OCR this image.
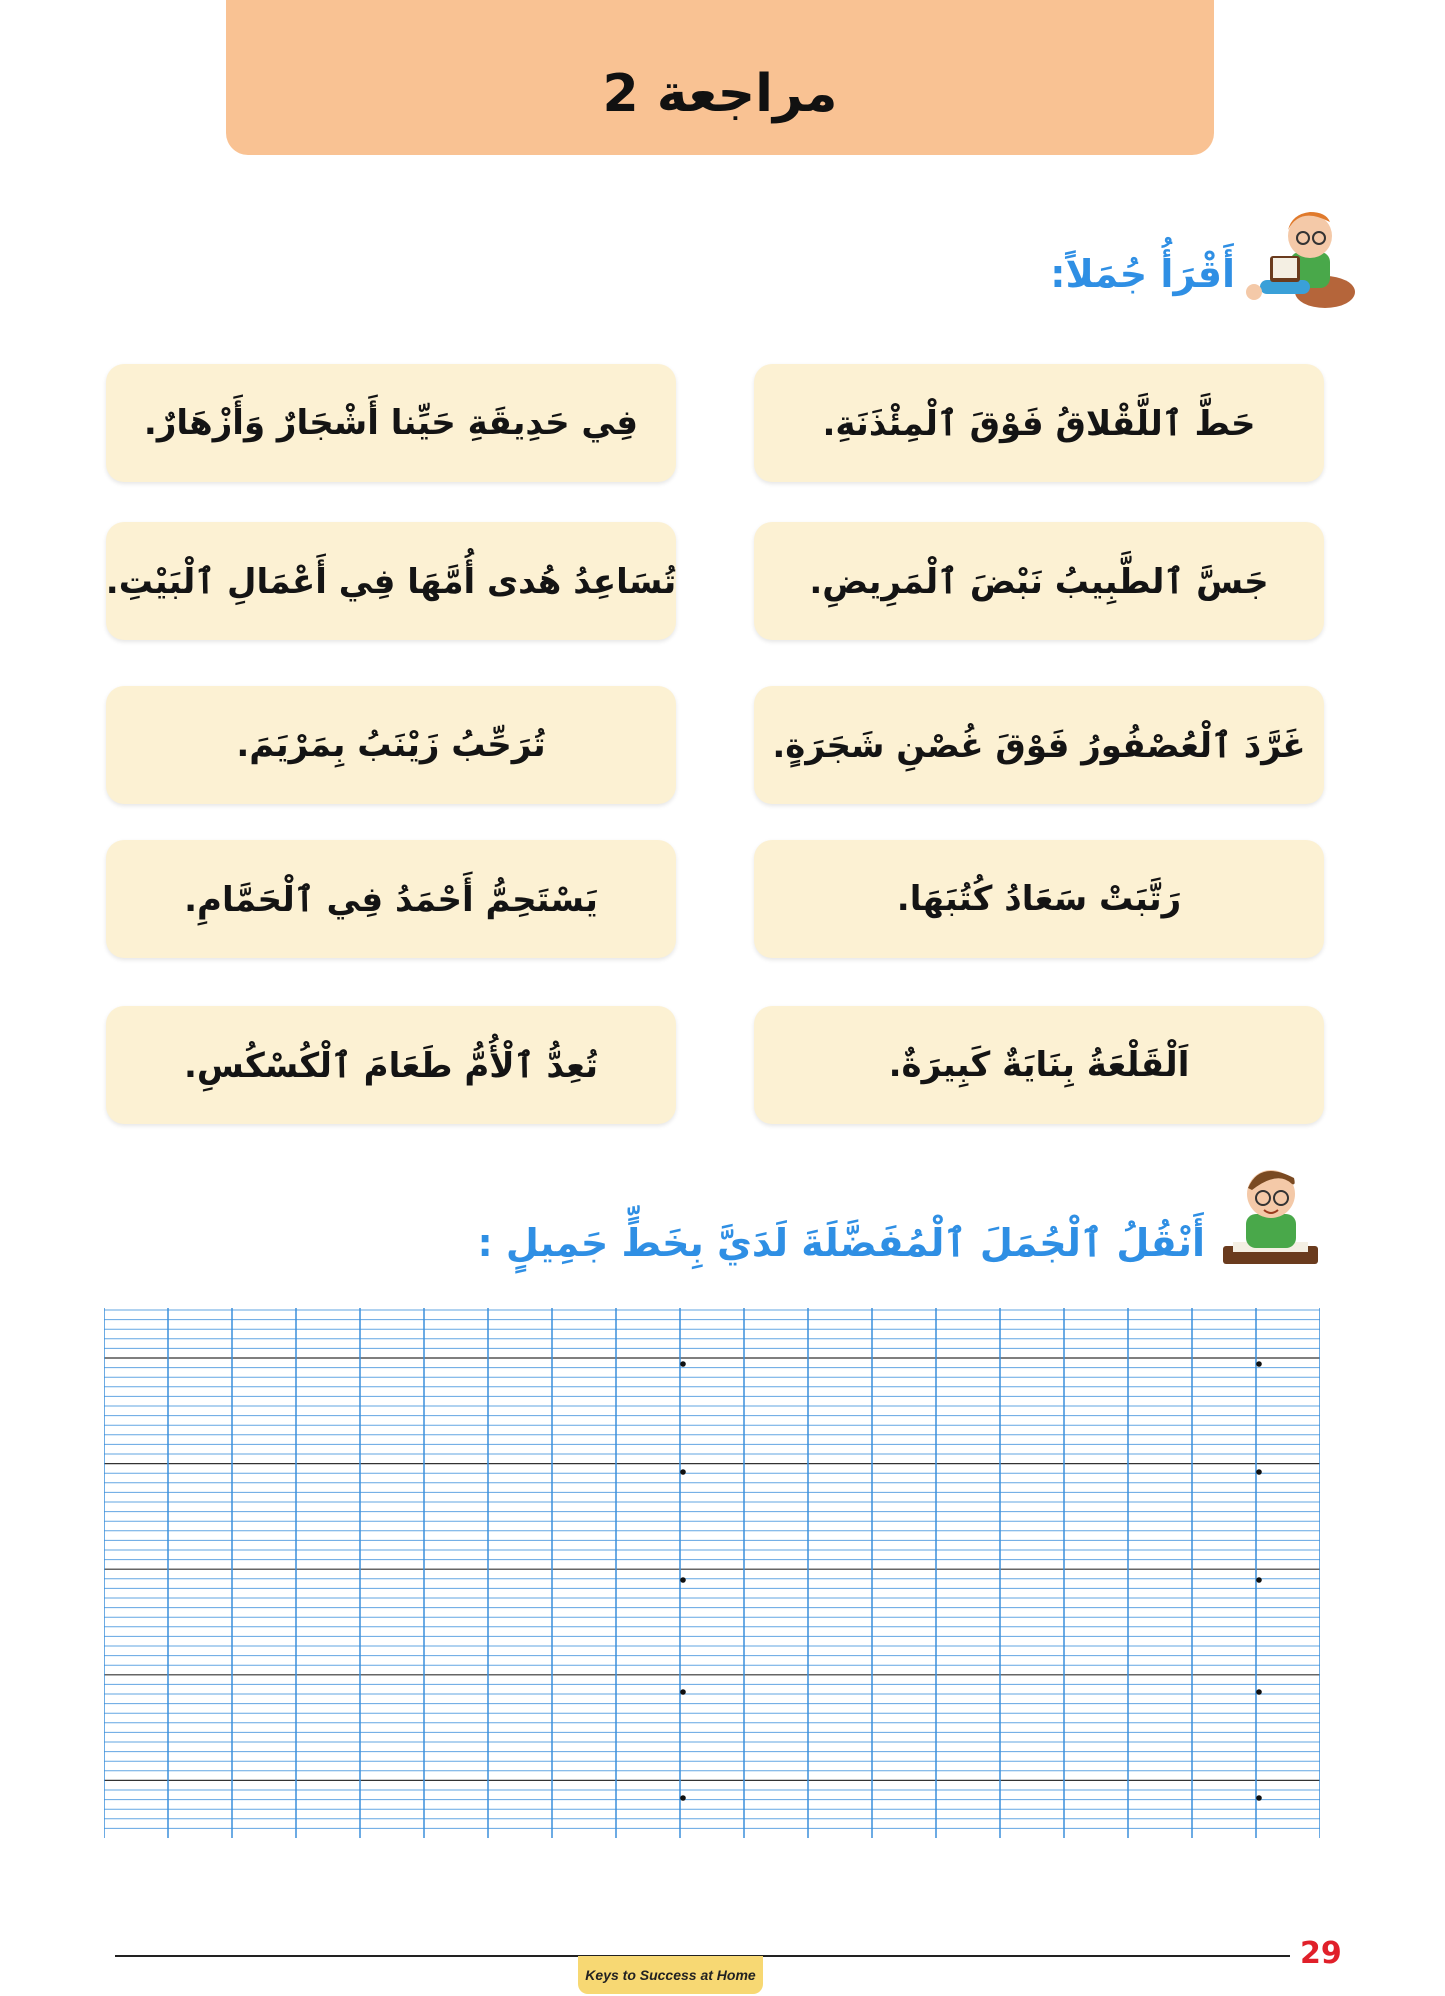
مراجعة 2
أَقْرَأُ جُمَلاً:
حَطَّ ٱللَّقْلاقُ فَوْقَ ٱلْمِئْذَنَةِ.
فِي حَدِيقَةِ حَيِّنا أَشْجَارٌ وَأَزْهَارٌ.
جَسَّ ٱلطَّبِيبُ نَبْضَ ٱلْمَرِيضِ.
تُسَاعِدُ هُدى أُمَّهَا فِي أَعْمَالِ ٱلْبَيْتِ.
غَرَّدَ ٱلْعُصْفُورُ فَوْقَ غُصْنِ شَجَرَةٍ.
تُرَحِّبُ زَيْنَبُ بِمَرْيَمَ.
رَتَّبَتْ سَعَادُ كُتُبَهَا.
يَسْتَحِمُّ أَحْمَدُ فِي ٱلْحَمَّامِ.
اَلْقَلْعَةُ بِنَايَةٌ كَبِيرَةٌ.
تُعِدُّ ٱلْأُمُّ طَعَامَ ٱلْكُسْكُسِ.
أَنْقُلُ ٱلْجُمَلَ ٱلْمُفَضَّلَةَ لَدَيَّ بِخَطٍّ جَمِيلٍ :
29
Keys to Success at Home
